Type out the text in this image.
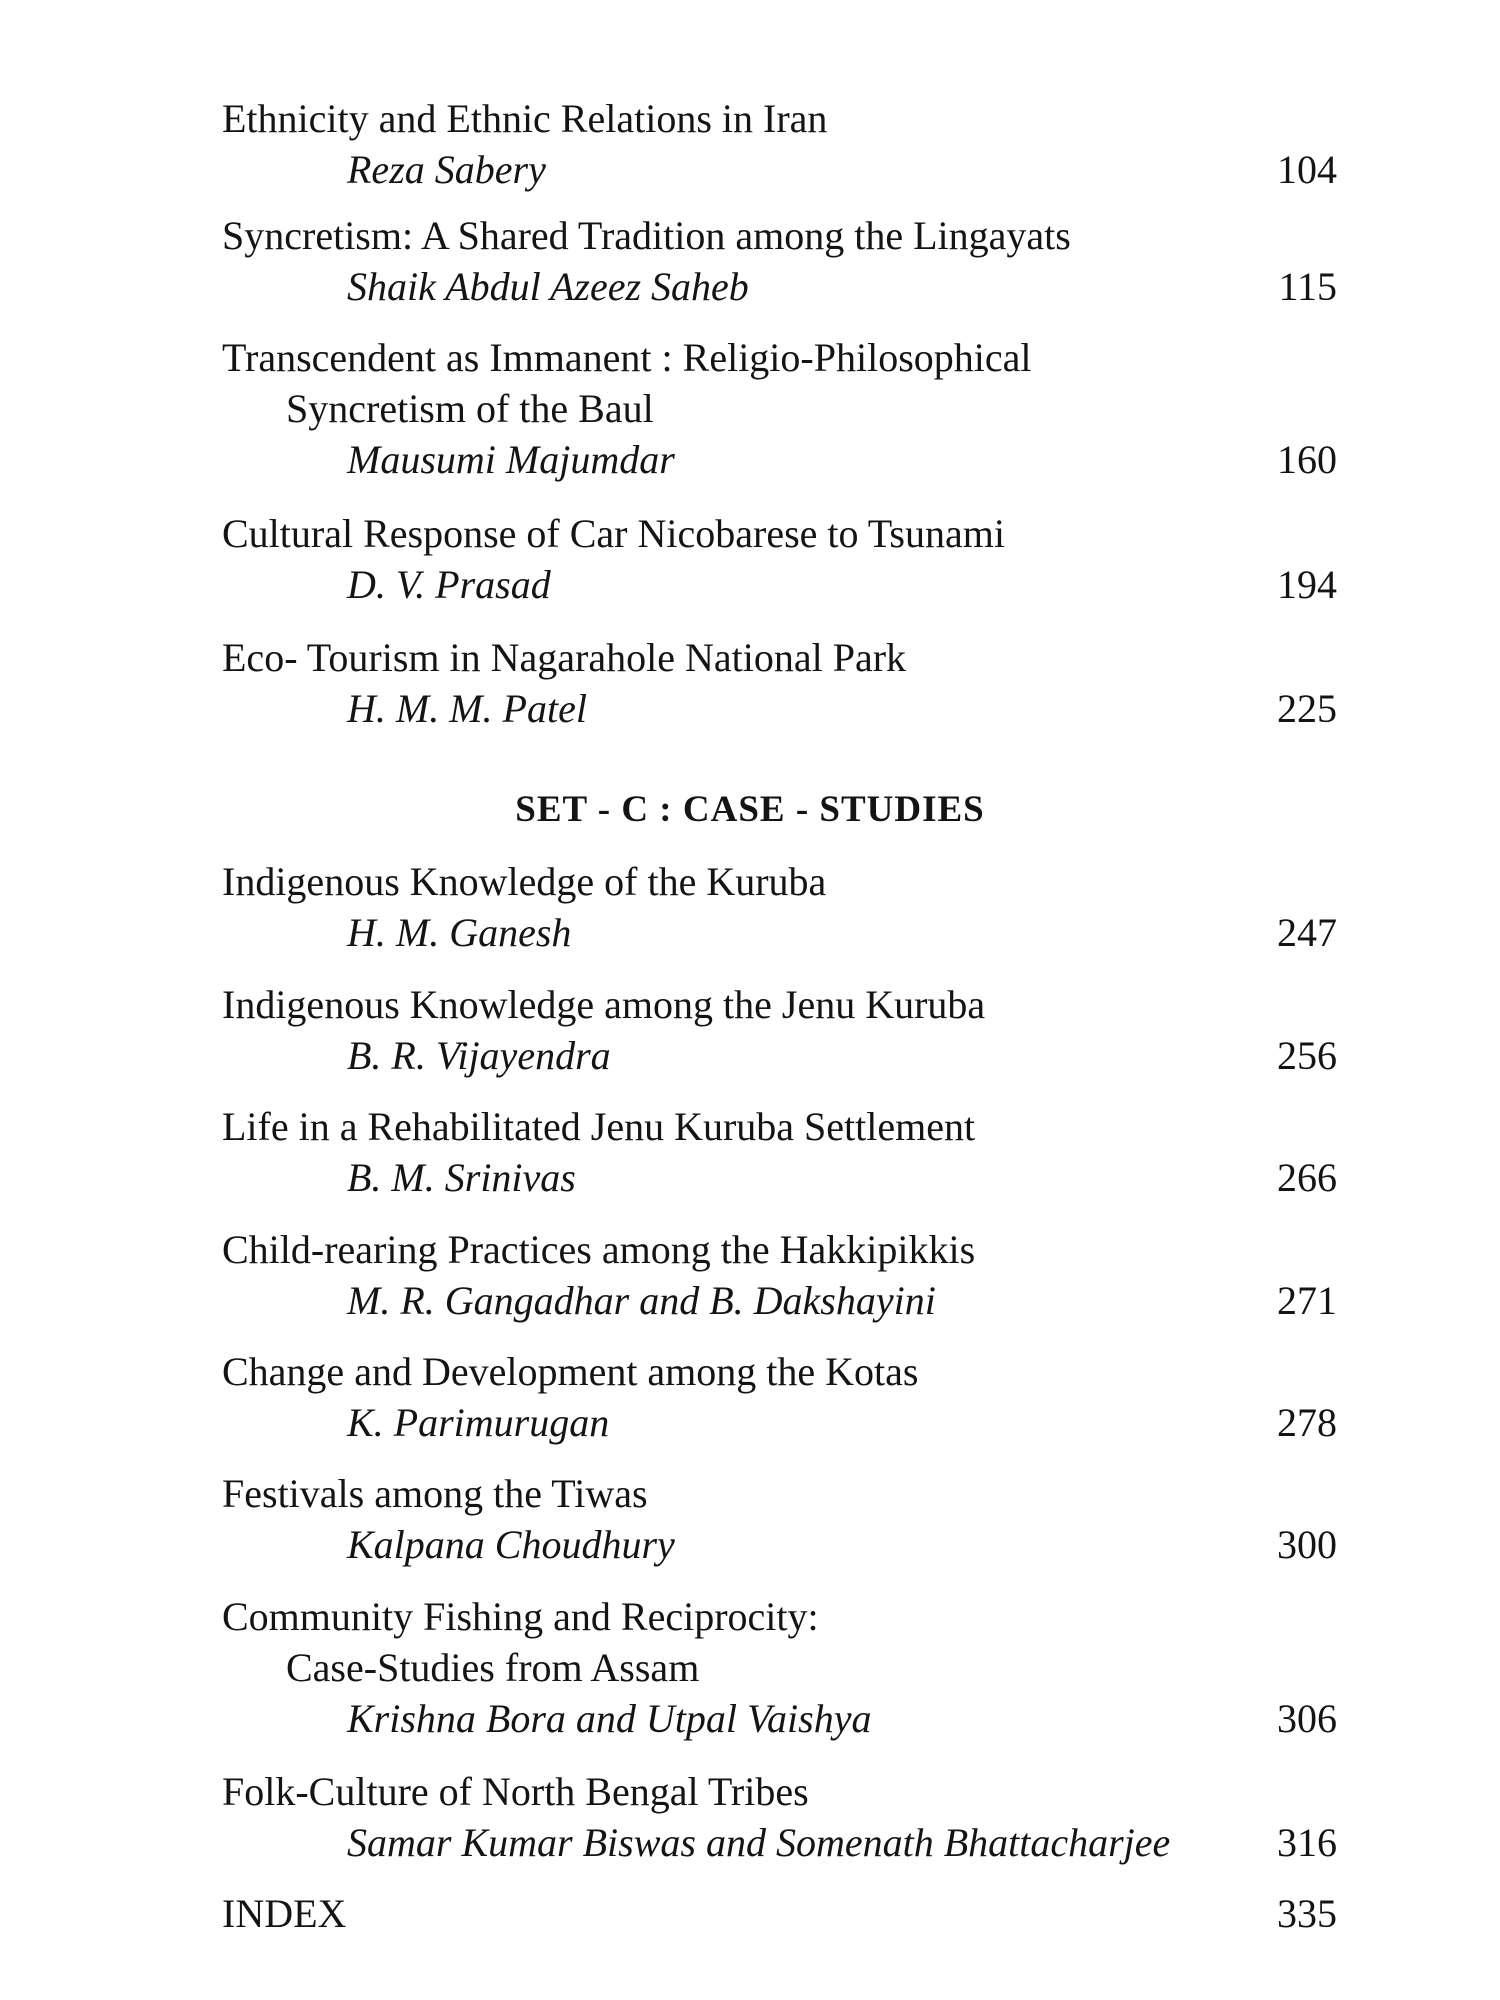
Ethnicity and Ethnic Relations in Iran
Reza Sabery	104
Syncretism: A Shared Tradition among the Lingayats
Shaik Abdul Azeez Saheb	115
Transcendent as Immanent : Religio-Philosophical
Syncretism of the Baul
Mausumi Majumdar	160
Cultural Response of Car Nicobarese to Tsunami
D. V. Prasad	194
Eco- Tourism in Nagarahole National Park
H. M. M. Patel	225
SET - C : CASE - STUDIES
Indigenous Knowledge of the Kuruba
H. M. Ganesh	247
Indigenous Knowledge among the Jenu Kuruba
B. R. Vijayendra	256
Life in a Rehabilitated Jenu Kuruba Settlement
B. M. Srinivas	266
Child-rearing Practices among the Hakkipikkis
M. R. Gangadhar and B. Dakshayini	271
Change and Development among the Kotas
K. Parimurugan	278
Festivals among the Tiwas
Kalpana Choudhury	300
Community Fishing and Reciprocity:
Case-Studies from Assam
Krishna Bora and Utpal Vaishya	306
Folk-Culture of North Bengal Tribes
Samar Kumar Biswas and Somenath Bhattacharjee	316
INDEX	335
